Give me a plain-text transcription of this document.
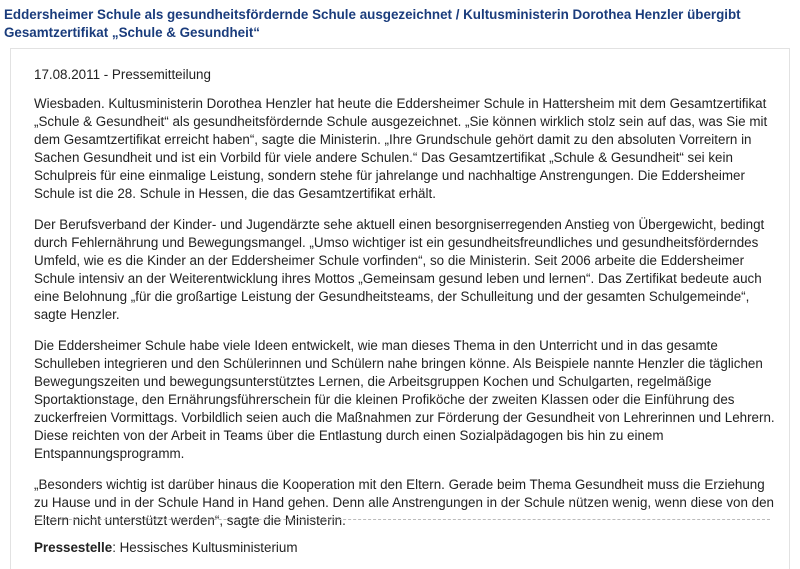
Eddersheimer Schule als gesundheitsfördernde Schule ausgezeichnet / Kultusministerin Dorothea Henzler übergibt Gesamtzertifikat „Schule & Gesundheit“

17.08.2011 - Pressemitteilung

Wiesbaden. Kultusministerin Dorothea Henzler hat heute die Eddersheimer Schule in Hattersheim mit dem Gesamtzertifikat „Schule & Gesundheit“ als gesundheitsfördernde Schule ausgezeichnet. „Sie können wirklich stolz sein auf das, was Sie mit dem Gesamtzertifikat erreicht haben“, sagte die Ministerin. „Ihre Grundschule gehört damit zu den absoluten Vorreitern in Sachen Gesundheit und ist ein Vorbild für viele andere Schulen.“ Das Gesamtzertifikat „Schule & Gesundheit“ sei kein Schulpreis für eine einmalige Leistung, sondern stehe für jahrelange und nachhaltige Anstrengungen. Die Eddersheimer Schule ist die 28. Schule in Hessen, die das Gesamtzertifikat erhält.

Der Berufsverband der Kinder- und Jugendärzte sehe aktuell einen besorgniserregenden Anstieg von Übergewicht, bedingt durch Fehlernährung und Bewegungsmangel. „Umso wichtiger ist ein gesundheitsfreundliches und gesundheitsförderndes Umfeld, wie es die Kinder an der Eddersheimer Schule vorfinden“, so die Ministerin. Seit 2006 arbeite die Eddersheimer Schule intensiv an der Weiterentwicklung ihres Mottos „Gemeinsam gesund leben und lernen“. Das Zertifikat bedeute auch eine Belohnung „für die großartige Leistung der Gesundheitsteams, der Schulleitung und der gesamten Schulgemeinde“, sagte Henzler.

Die Eddersheimer Schule habe viele Ideen entwickelt, wie man dieses Thema in den Unterricht und in das gesamte Schulleben integrieren und den Schülerinnen und Schülern nahe bringen könne. Als Beispiele nannte Henzler die täglichen Bewegungszeiten und bewegungsunterstütztes Lernen, die Arbeitsgruppen Kochen und Schulgarten, regelmäßige Sportaktionstage, den Ernährungsführerschein für die kleinen Profiköche der zweiten Klassen oder die Einführung des zuckerfreien Vormittags. Vorbildlich seien auch die Maßnahmen zur Förderung der Gesundheit von Lehrerinnen und Lehrern. Diese reichten von der Arbeit in Teams über die Entlastung durch einen Sozialpädagogen bis hin zu einem Entspannungsprogramm.

„Besonders wichtig ist darüber hinaus die Kooperation mit den Eltern. Gerade beim Thema Gesundheit muss die Erziehung zu Hause und in der Schule Hand in Hand gehen. Denn alle Anstrengungen in der Schule nützen wenig, wenn diese von den Eltern nicht unterstützt werden“, sagte die Ministerin.

Pressestelle: Hessisches Kultusministerium
